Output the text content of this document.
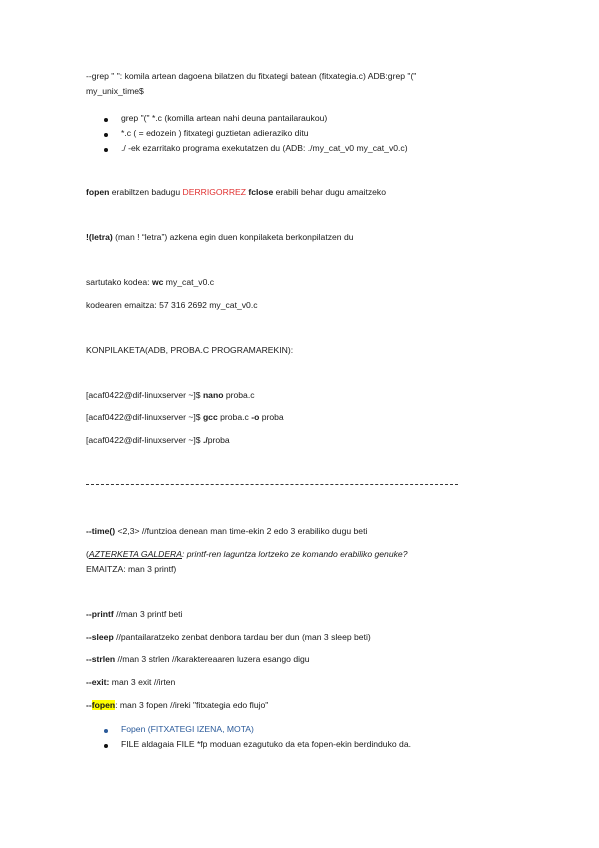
--grep " ": komila artean dagoena bilatzen du fitxategi batean (fitxategia.c) ADB:grep "("
my_unix_time$
grep "(" *.c (komilla artean nahi deuna pantailaraukou)
*.c ( = edozein ) fitxategi guztietan adieraziko ditu
./ -ek ezarritako programa exekutatzen du (ADB: ./my_cat_v0 my_cat_v0.c)
fopen erabiltzen badugu DERRIGORREZ fclose erabili behar dugu amaitzeko
!(letra) (man ! “letra”) azkena egin duen konpilaketa berkonpilatzen du
sartutako kodea: wc my_cat_v0.c
kodearen emaitza: 57 316 2692 my_cat_v0.c
KONPILAKETA(ADB, PROBA.C PROGRAMAREKIN):
[acaf0422@dif-linuxserver ~]$ nano proba.c
[acaf0422@dif-linuxserver ~]$ gcc proba.c -o proba
[acaf0422@dif-linuxserver ~]$ ./proba
--time() <2,3> //funtzioa denean man time-ekin 2 edo 3 erabiliko dugu beti
(AZTERKETA GALDERA: printf-ren laguntza lortzeko ze komando erabiliko genuke?
EMAITZA: man 3 printf)
--printf //man 3 printf beti
--sleep //pantailaratzeko zenbat denbora tardau ber dun (man 3 sleep beti)
--strlen //man 3 strlen //karaktereaaren luzera esango digu
--exit: man 3 exit //irten
--fopen: man 3 fopen //ireki "fitxategia edo flujo"
Fopen (FITXATEGI IZENA, MOTA)
FILE aldagaia FILE *fp moduan ezagutuko da eta fopen-ekin berdinduko da.
